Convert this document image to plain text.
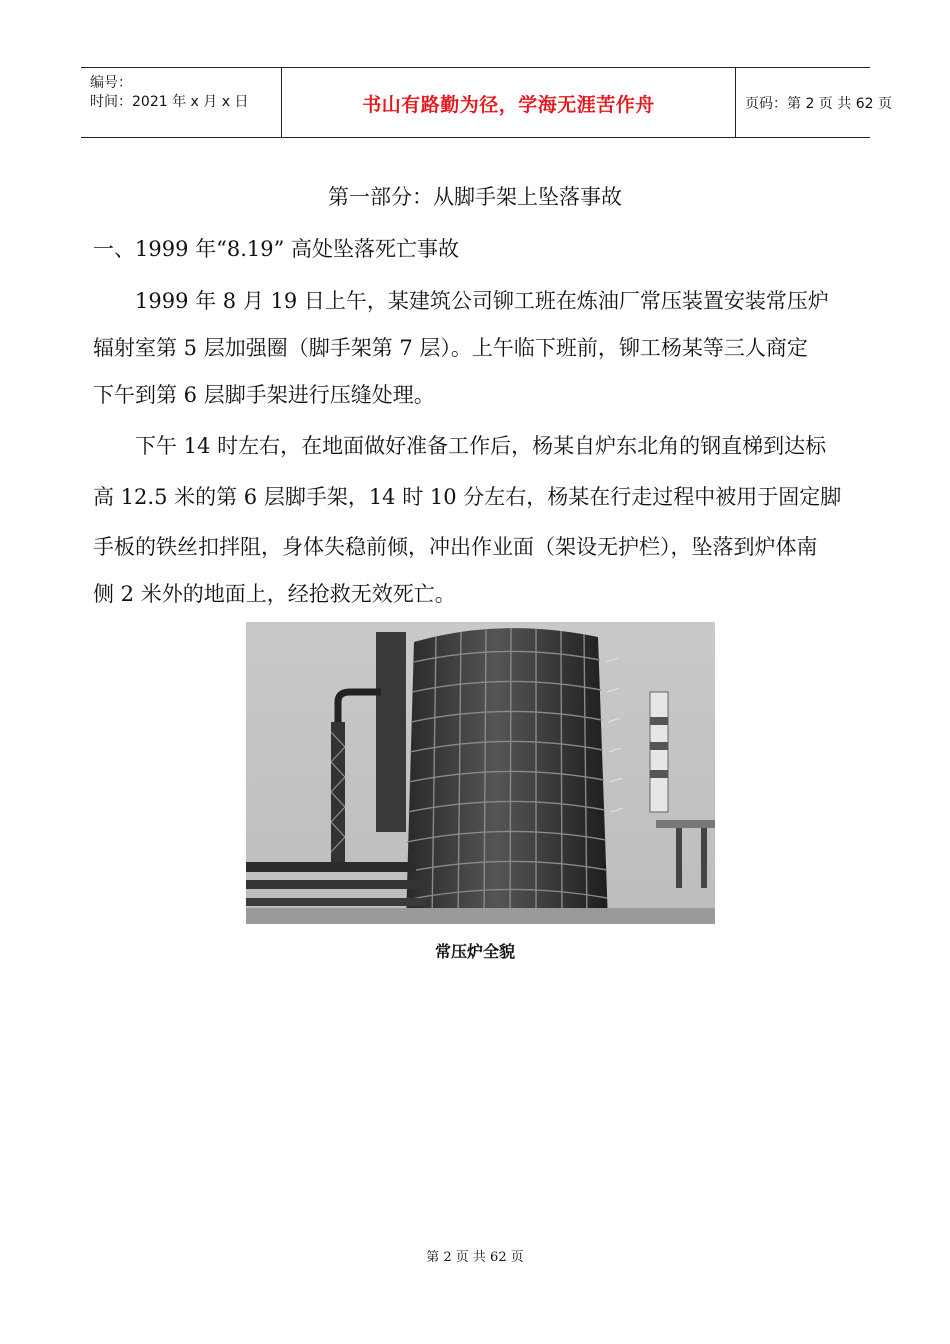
编号：
时间：2021 年 x 月 x 日	书山有路勤为径，学海无涯苦作舟	页码：第 2 页 共 62 页
第一部分：从脚手架上坠落事故
一、1999 年“8.19” 高处坠落死亡事故
1999 年 8 月 19 日上午，某建筑公司铆工班在炼油厂常压装置安装常压炉
辐射室第 5 层加强圈（脚手架第 7 层）。上午临下班前，铆工杨某等三人商定
下午到第 6 层脚手架进行压缝处理。
下午 14 时左右，在地面做好准备工作后，杨某自炉东北角的钢直梯到达标
高 12.5 米的第 6 层脚手架，14 时 10 分左右，杨某在行走过程中被用于固定脚
手板的铁丝扣拌阻，身体失稳前倾，冲出作业面（架设无护栏），坠落到炉体南
侧 2 米外的地面上，经抢救无效死亡。
常压炉全貌
第 2 页 共 62 页
